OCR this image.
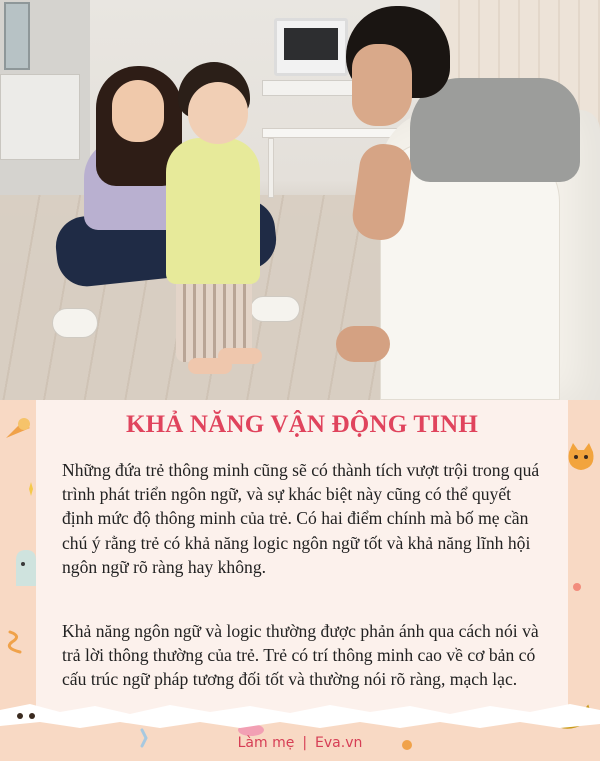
KHẢ NĂNG VẬN ĐỘNG TINH

Những đứa trẻ thông minh cũng sẽ có thành tích vượt trội trong quá trình phát triển ngôn ngữ, và sự khác biệt này cũng có thể quyết định mức độ thông minh của trẻ. Có hai điểm chính mà bố mẹ cần chú ý rằng trẻ có khả năng logic ngôn ngữ tốt và khả năng lĩnh hội ngôn ngữ rõ ràng hay không.

Khả năng ngôn ngữ và logic thường được phản ánh qua cách nói và trả lời thông thường của trẻ. Trẻ có trí thông minh cao về cơ bản có cấu trúc ngữ pháp tương đối tốt và thường nói rõ ràng, mạch lạc.

Làm mẹ | Eva.vn
